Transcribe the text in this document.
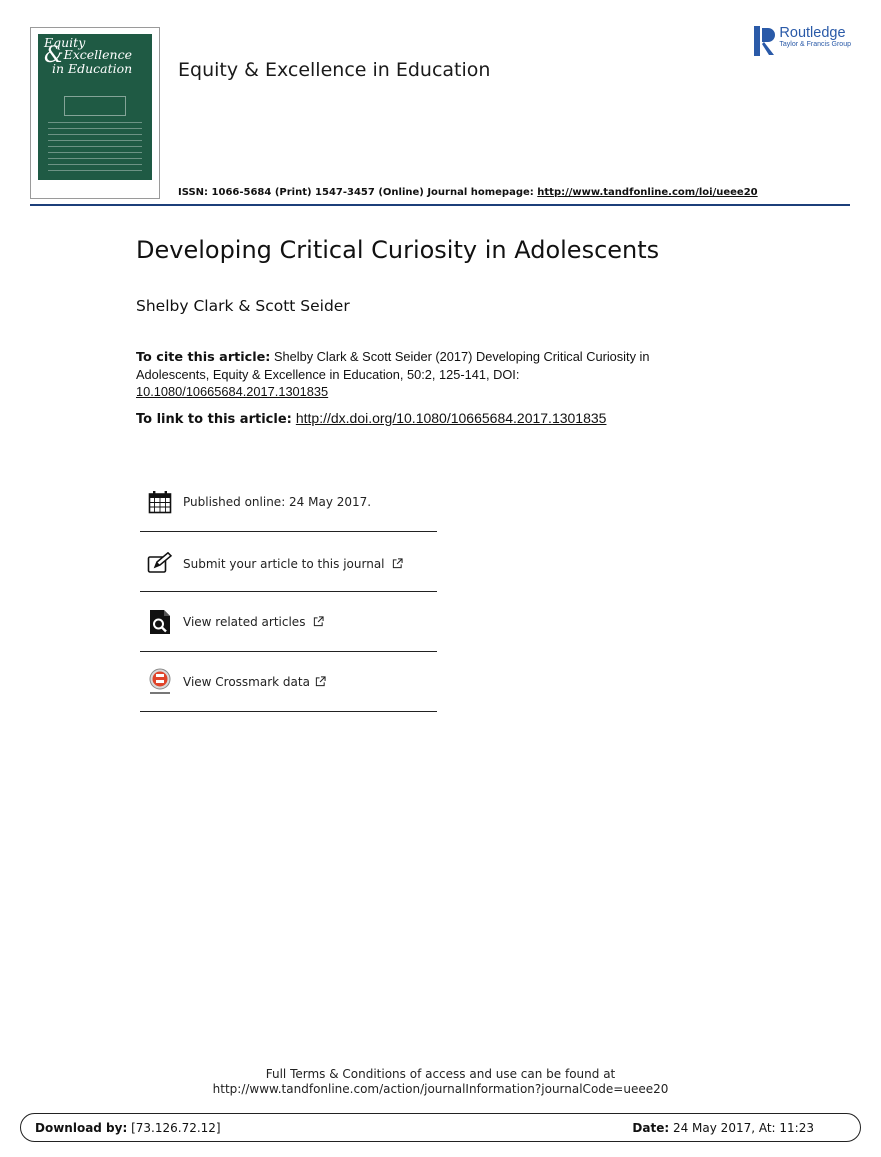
Equity
&Excellence
in Education Equity & Excellence in Education
Routledge
Taylor & Francis Group
ISSN: 1066-5684 (Print) 1547-3457 (Online) Journal homepage: http://www.tandfonline.com/loi/ueee20
Developing Critical Curiosity in Adolescents
Shelby Clark & Scott Seider
To cite this article: Shelby Clark & Scott Seider (2017) Developing Critical Curiosity in Adolescents, Equity & Excellence in Education, 50:2, 125-141, DOI: 10.1080/10665684.2017.1301835
To link to this article: http://dx.doi.org/10.1080/10665684.2017.1301835
Published online: 24 May 2017.
Submit your article to this journal
View related articles
View Crossmark data
Full Terms & Conditions of access and use can be found at
http://www.tandfonline.com/action/journalInformation?journalCode=ueee20
Download by: [73.126.72.12]	Date: 24 May 2017, At: 11:23
